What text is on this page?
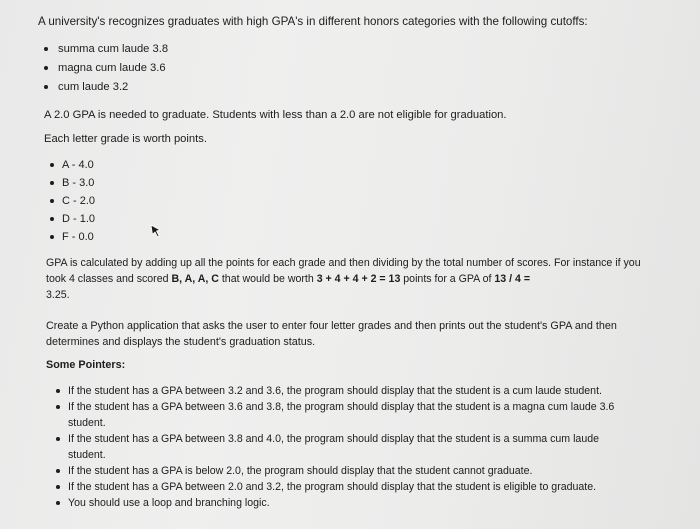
A university's recognizes graduates with high GPA's in different honors categories with the following cutoffs:
summa cum laude 3.8
magna cum laude 3.6
cum laude 3.2
A 2.0 GPA is needed to graduate. Students with less than a 2.0 are not eligible for graduation.
Each letter grade is worth points.
A - 4.0
B - 3.0
C - 2.0
D - 1.0
F - 0.0
GPA is calculated by adding up all the points for each grade and then dividing by the total number of scores. For instance if you took 4 classes and scored B, A, A, C that would be worth 3 + 4 + 4 + 2 = 13 points for a GPA of 13 / 4 =
3.25.
Create a Python application that asks the user to enter four letter grades and then prints out the student's GPA and then determines and displays the student's graduation status.
Some Pointers:
If the student has a GPA between 3.2 and 3.6, the program should display that the student is a cum laude student.
If the student has a GPA between 3.6 and 3.8, the program should display that the student is a magna cum laude 3.6 student.
If the student has a GPA between 3.8 and 4.0, the program should display that the student is a summa cum laude student.
If the student has a GPA is below 2.0, the program should display that the student cannot graduate.
If the student has a GPA between 2.0 and 3.2, the program should display that the student is eligible to graduate.
You should use a loop and branching logic.
